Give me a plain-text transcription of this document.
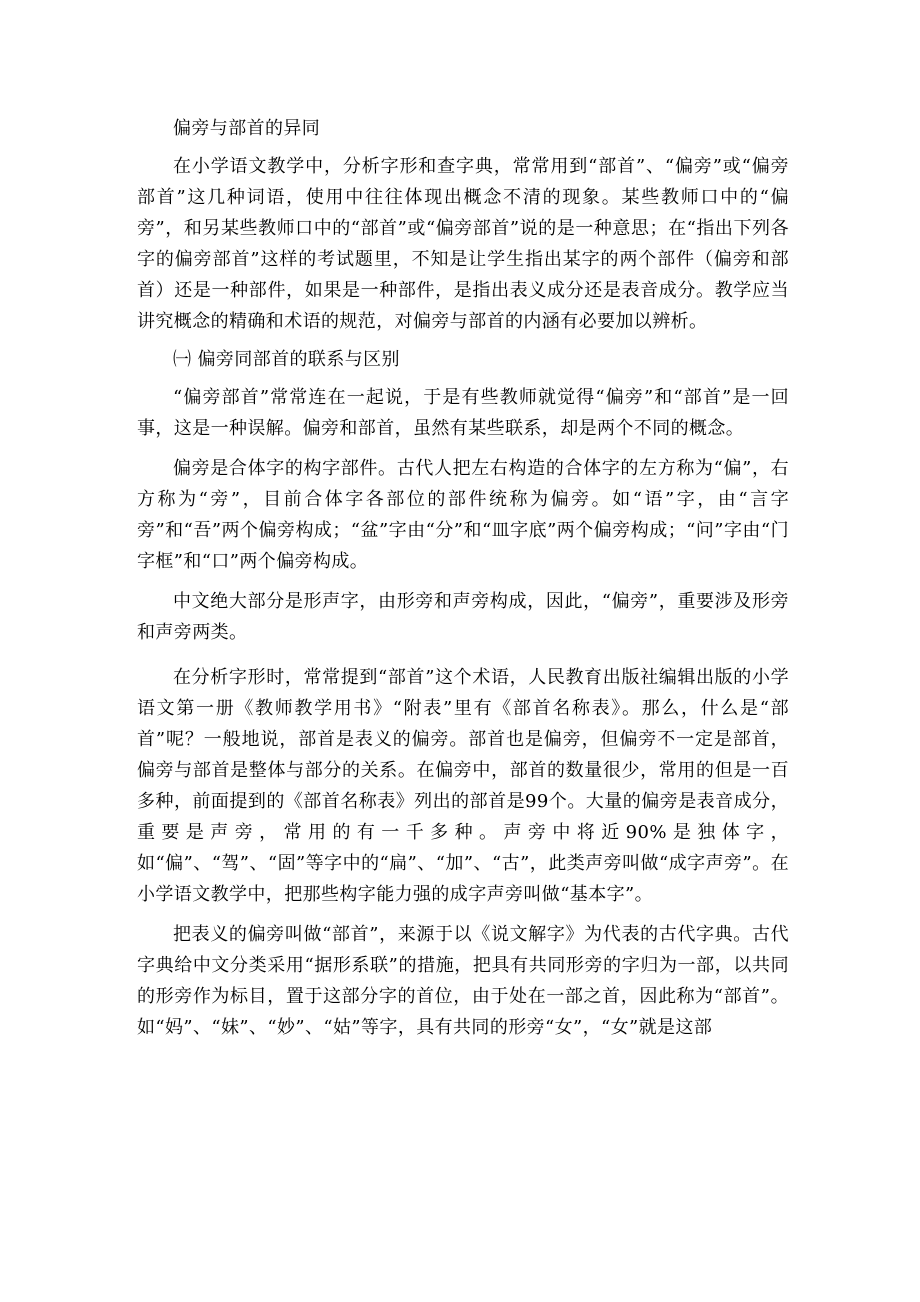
偏旁与部首的异同

在小学语文教学中，分析字形和查字典，常常用到“部首”、“偏旁”或“偏旁部首”这几种词语，使用中往往体现出概念不清的现象。某些教师口中的“偏旁”，和另某些教师口中的“部首”或“偏旁部首”说的是一种意思；在“指出下列各字的偏旁部首”这样的考试题里，不知是让学生指出某字的两个部件（偏旁和部首）还是一种部件，如果是一种部件，是指出表义成分还是表音成分。教学应当讲究概念的精确和术语的规范，对偏旁与部首的内涵有必要加以辨析。

㈠ 偏旁同部首的联系与区别

“偏旁部首”常常连在一起说，于是有些教师就觉得“偏旁”和“部首”是一回事，这是一种误解。偏旁和部首，虽然有某些联系，却是两个不同的概念。

偏旁是合体字的构字部件。古代人把左右构造的合体字的左方称为“偏”，右方称为“旁”，目前合体字各部位的部件统称为偏旁。如“语”字，由“言字旁”和“吾”两个偏旁构成；“盆”字由“分”和“皿字底”两个偏旁构成；“问”字由“门字框”和“口”两个偏旁构成。

中文绝大部分是形声字，由形旁和声旁构成，因此，“偏旁”，重要涉及形旁和声旁两类。

在分析字形时，常常提到“部首”这个术语，人民教育出版社编辑出版的小学语文第一册《教师教学用书》“附表”里有《部首名称表》。那么，什么是“部首”呢？一般地说，部首是表义的偏旁。部首也是偏旁，但偏旁不一定是部首，偏旁与部首是整体与部分的关系。在偏旁中，部首的数量很少，常用的但是一百多种，前面提到的《部首名称表》列出的部首是99个。大量的偏旁是表音成分，重要是声旁，常用的有一千多种。声旁中将近90%是独体字，如“偏”、“驾”、“固”等字中的“扁”、“加”、“古”，此类声旁叫做“成字声旁”。在小学语文教学中，把那些构字能力强的成字声旁叫做“基本字”。

把表义的偏旁叫做“部首”，来源于以《说文解字》为代表的古代字典。古代字典给中文分类采用“据形系联”的措施，把具有共同形旁的字归为一部，以共同的形旁作为标目，置于这部分字的首位，由于处在一部之首，因此称为“部首”。如“妈”、“妹”、“妙”、“姑”等字，具有共同的形旁“女”，“女”就是这部
